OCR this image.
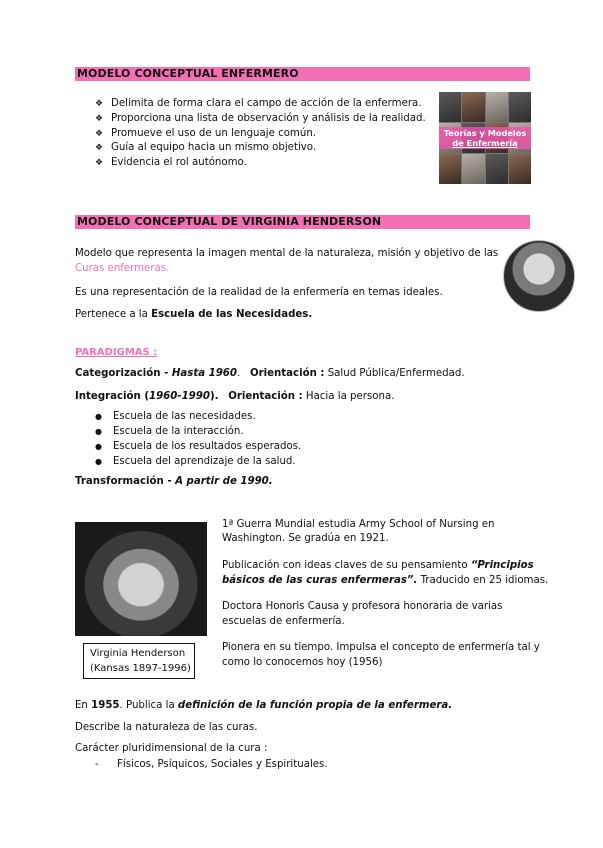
MODELO CONCEPTUAL ENFERMERO
❖ Delimita de forma clara el campo de acción de la enfermera.
❖ Proporciona una lista de observación y análisis de la realidad.
❖ Promueve el uso de un lenguaje común.
❖ Guía al equipo hacia un mismo objetivo.
❖ Evidencia el rol autónomo.
Teorías y Modelos
de Enfermería
MODELO CONCEPTUAL DE VIRGINIA HENDERSON
Modelo que representa la imagen mental de la naturaleza, misión y objetivo de las
Curas enfermeras.
Es una representación de la realidad de la enfermería en temas ideales.
Pertenece a la Escuela de las Necesidades.
PARADIGMAS :
Categorización - Hasta 1960. Orientación : Salud Pública/Enfermedad.
Integración (1960-1990). Orientación : Hacia la persona.
● Escuela de las necesidades.
● Escuela de la interacción.
● Escuela de los resultados esperados.
● Escuela del aprendizaje de la salud.
Transformación - A partir de 1990.
Virginia Henderson
(Kansas 1897-1996)
1ª Guerra Mundial estudia Army School of Nursing en
Washington. Se gradúa en 1921.
Publicación con ideas claves de su pensamiento “Principios
básicos de las curas enfermeras”. Traducido en 25 idiomas.
Doctora Honoris Causa y profesora honoraria de varias
escuelas de enfermería.
Pionera en su tiempo. Impulsa el concepto de enfermería tal y
como lo conocemos hoy (1956)
En 1955. Publica la definición de la función propia de la enfermera.
Describe la naturaleza de las curas.
Carácter pluridimensional de la cura :
- Físicos, Psíquicos, Sociales y Espirituales.
